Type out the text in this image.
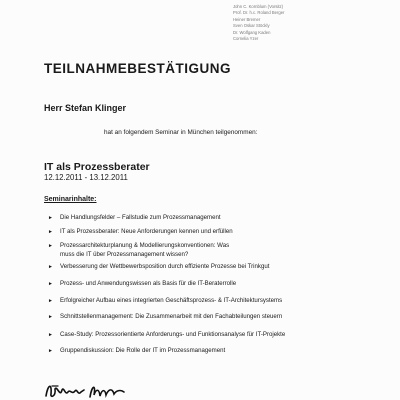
John C. Kornblum (Vorsitz)
Prof. Dr. h.c. Roland Berger
Heiner Bremer
Sven Oskar Stöckly
Dr. Wolfgang Kaden
Cornelia Yzer
TEILNAHMEBESTÄTIGUNG
Herr Stefan Klinger
hat an folgendem Seminar in München teilgenommen:
IT als Prozessberater
12.12.2011 - 13.12.2011
Seminarinhalte:
► Die Handlungsfelder – Fallstudie zum Prozessmanagement
► IT als Prozessberater: Neue Anforderungen kennen und erfüllen
► Prozessarchitekturplanung & Modellierungskonventionen: Was muss die IT über Prozessmanagement wissen?
► Verbesserung der Wettbewerbsposition durch effiziente Prozesse bei Trinkgut
► Prozess- und Anwendungswissen als Basis für die IT-Beraterrolle
► Erfolgreicher Aufbau eines integrierten Geschäftsprozess- & IT-Architektursystems
► Schnittstellenmanagement: Die Zusammenarbeit mit den Fachabteilungen steuern
► Case-Study: Prozessorientierte Anforderungs- und Funktionsanalyse für IT-Projekte
► Gruppendiskussion: Die Rolle der IT im Prozessmanagement
